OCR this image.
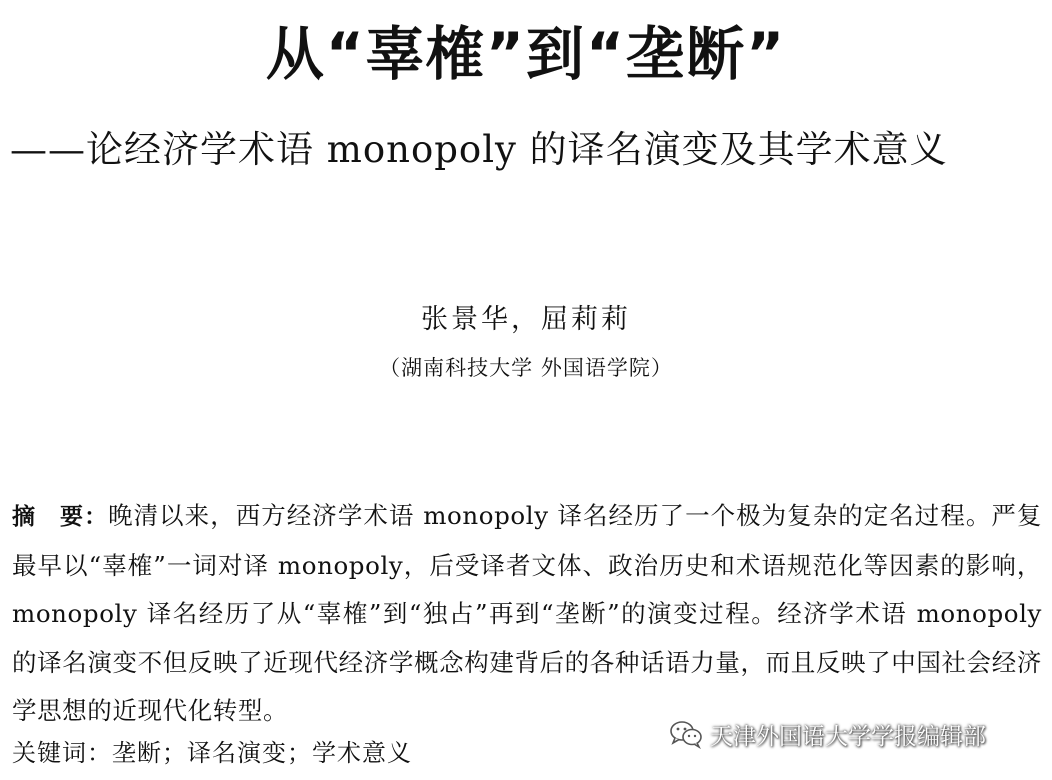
从“辜榷”到“垄断”
——论经济学术语 monopoly 的译名演变及其学术意义
张景华，屈莉莉
（湖南科技大学 外国语学院）
摘　要：晚清以来，西方经济学术语 monopoly 译名经历了一个极为复杂的定名过程。严复最早以“辜榷”一词对译 monopoly，后受译者文体、政治历史和术语规范化等因素的影响，monopoly 译名经历了从“辜榷”到“独占”再到“垄断”的演变过程。经济学术语 monopoly 的译名演变不但反映了近现代经济学概念构建背后的各种话语力量，而且反映了中国社会经济学思想的近现代化转型。
关键词：垄断；译名演变；学术意义
天津外国语大学学报编辑部
